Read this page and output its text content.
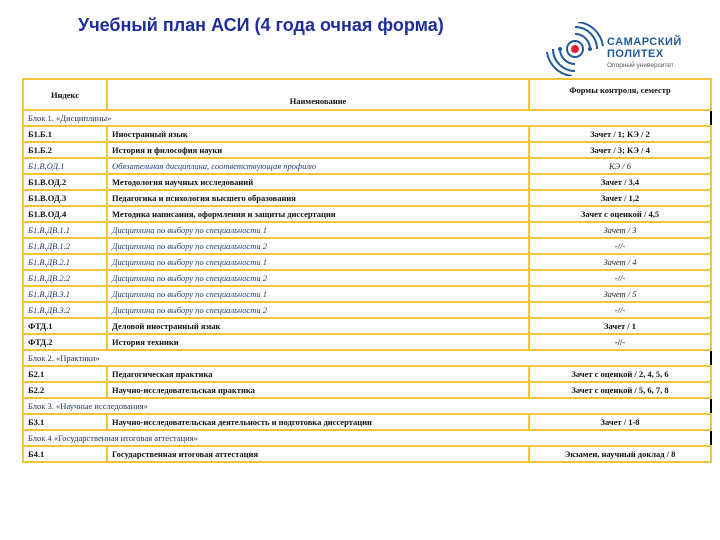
Учебный план АСИ (4 года очная форма)
САМАРСКИЙ
ПОЛИТЕХ
Опорный университет
Индекс	Наименование	Формы контроля, семестр
Блок 1. «Дисциплины»		
Б1.Б.1	Иностранный язык	Зачет / 1; КЭ / 2
Б1.Б.2	История и философия науки	Зачет / 3; КЭ / 4
Б1.В.ОД.1	Обязательная дисциплина, соответствующая профилю	КЭ / 6
Б1.В.ОД.2	Методология научных исследований	Зачет / 3,4
Б1.В.ОД.3	Педагогика и психология высшего образования	Зачет / 1,2
Б1.В.ОД.4	Методика написания, оформления и защиты диссертации	Зачет с оценкой / 4,5
Б1.В.ДВ.1.1	Дисциплина по выбору по специальности 1	Зачет / 3
Б1.В.ДВ.1.2	Дисциплина по выбору по специальности 2	-//-
Б1.В.ДВ.2.1	Дисциплина по выбору по специальности 1	Зачет / 4
Б1.В.ДВ.2.2	Дисциплина по выбору по специальности 2	-//-
Б1.В.ДВ.3.1	Дисциплина по выбору по специальности 1	Зачет / 5
Б1.В.ДВ.3.2	Дисциплина по выбору по специальности 2	-//-
ФТД.1	Деловой иностранный язык	Зачет / 1
ФТД.2	История техники	-//-
Блок 2. «Практики»		
Б2.1	Педагогическая практика	Зачет с оценкой / 2, 4, 5, 6
Б2.2	Научно-исследовательская практика	Зачет с оценкой / 5, 6, 7, 8
Блок 3. «Научные исследования»		
Б3.1	Научно-исследовательская деятельность и подготовка диссертации	Зачет / 1-8
Блок 4 «Государственная итоговая аттестация»		
Б4.1	Государственная итоговая аттестация	Экзамен, научный доклад / 8
